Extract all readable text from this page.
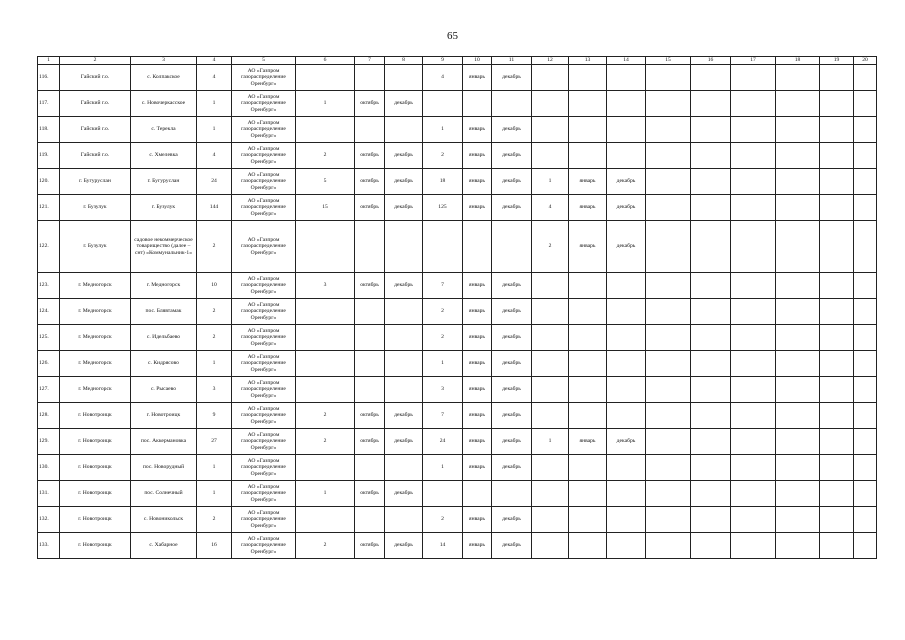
65
1	2	3	4	5	6	7	8	9	10	11	12	13	14	15	16	17	18	19	20
116.	Гайский г.о.	с. Колпакское	4	АО «Газпром газораспределение Оренбург»				4	январь	декабрь									
117.	Гайский г.о.	с. Новочеркасское	1	АО «Газпром газораспределение Оренбург»	1	октябрь	декабрь												
118.	Гайский г.о.	с. Терекла	1	АО «Газпром газораспределение Оренбург»				1	январь	декабрь									
119.	Гайский г.о.	с. Хмелевка	4	АО «Газпром газораспределение Оренбург»	2	октябрь	декабрь	2	январь	декабрь									
120.	г. Бугуруслан	г. Бугуруслан	24	АО «Газпром газораспределение Оренбург»	5	октябрь	декабрь	18	январь	декабрь	1	январь	декабрь						
121.	г. Бузулук	г. Бузулук	144	АО «Газпром газораспределение Оренбург»	15	октябрь	декабрь	125	январь	декабрь	4	январь	декабрь						
122.	г. Бузулук	садовое некоммерческое товарищество (далее – снт) «Коммунальник-1»	2	АО «Газпром газораспределение Оренбург»							2	январь	декабрь						
123.	г. Медногорск	г. Медногорск	10	АО «Газпром газораспределение Оренбург»	3	октябрь	декабрь	7	январь	декабрь									
124.	г. Медногорск	пос. Блявтамак	2	АО «Газпром газораспределение Оренбург»				2	январь	декабрь									
125.	г. Медногорск	с. Идельбаево	2	АО «Газпром газораспределение Оренбург»				2	январь	декабрь									
126.	г. Медногорск	с. Кидрясово	1	АО «Газпром газораспределение Оренбург»				1	январь	декабрь									
127.	г. Медногорск	с. Рысаево	3	АО «Газпром газораспределение Оренбург»				3	январь	декабрь									
128.	г. Новотроицк	г. Новотроицк	9	АО «Газпром газораспределение Оренбург»	2	октябрь	декабрь	7	январь	декабрь									
129.	г. Новотроицк	пос. Аккермановка	27	АО «Газпром газораспределение Оренбург»	2	октябрь	декабрь	24	январь	декабрь	1	январь	декабрь						
130.	г. Новотроицк	пос. Новорудный	1	АО «Газпром газораспределение Оренбург»				1	январь	декабрь									
131.	г. Новотроицк	пос. Солнечный	1	АО «Газпром газораспределение Оренбург»	1	октябрь	декабрь												
132.	г. Новотроицк	с. Новоникольск	2	АО «Газпром газораспределение Оренбург»				2	январь	декабрь									
133.	г. Новотроицк	с. Хабарное	16	АО «Газпром газораспределение Оренбург»	2	октябрь	декабрь	14	январь	декабрь									
